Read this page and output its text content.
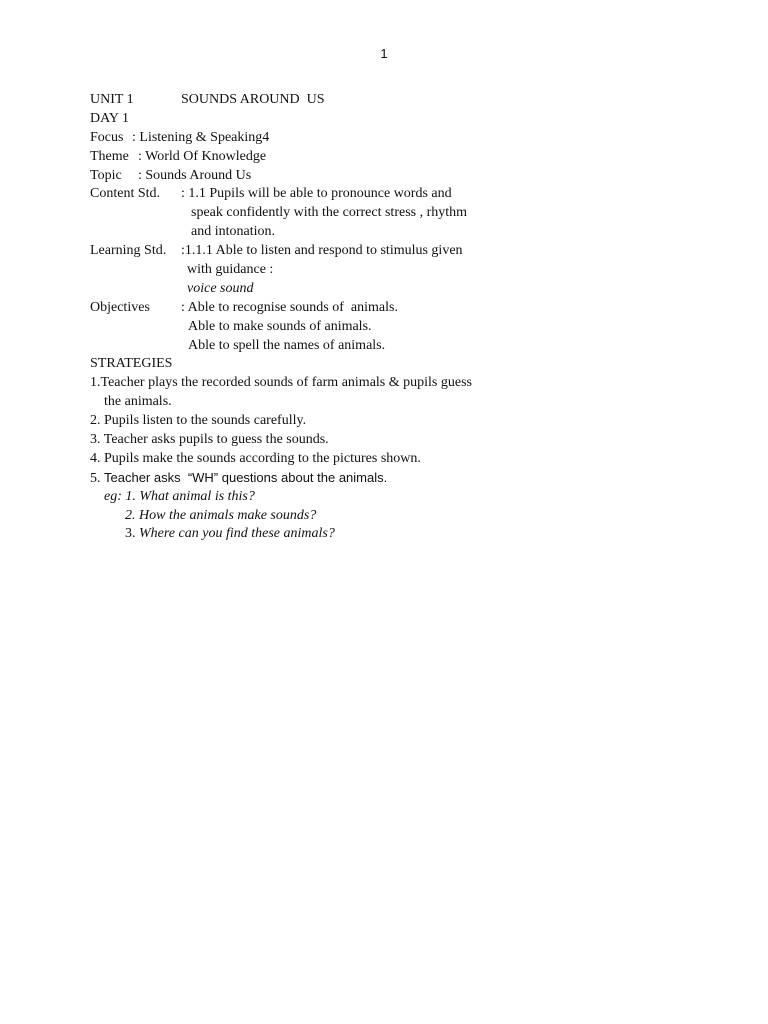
1
UNIT 1	SOUNDS AROUND  US
DAY 1
Focus : Listening & Speaking4
Theme : World Of Knowledge
Topic : Sounds Around Us
Content Std. : 1.1 Pupils will be able to pronounce words and
speak confidently with the correct stress , rhythm
and intonation.
Learning Std. :1.1.1 Able to listen and respond to stimulus given
with guidance :
voice sound
Objectives : Able to recognise sounds of  animals.
Able to make sounds of animals.
Able to spell the names of animals.
STRATEGIES
1.Teacher plays the recorded sounds of farm animals & pupils guess
the animals.
2. Pupils listen to the sounds carefully.
3. Teacher asks pupils to guess the sounds.
4. Pupils make the sounds according to the pictures shown.
5. Teacher asks  “WH” questions about the animals.
eg: 1. What animal is this?
2. How the animals make sounds?
3. Where can you find these animals?
